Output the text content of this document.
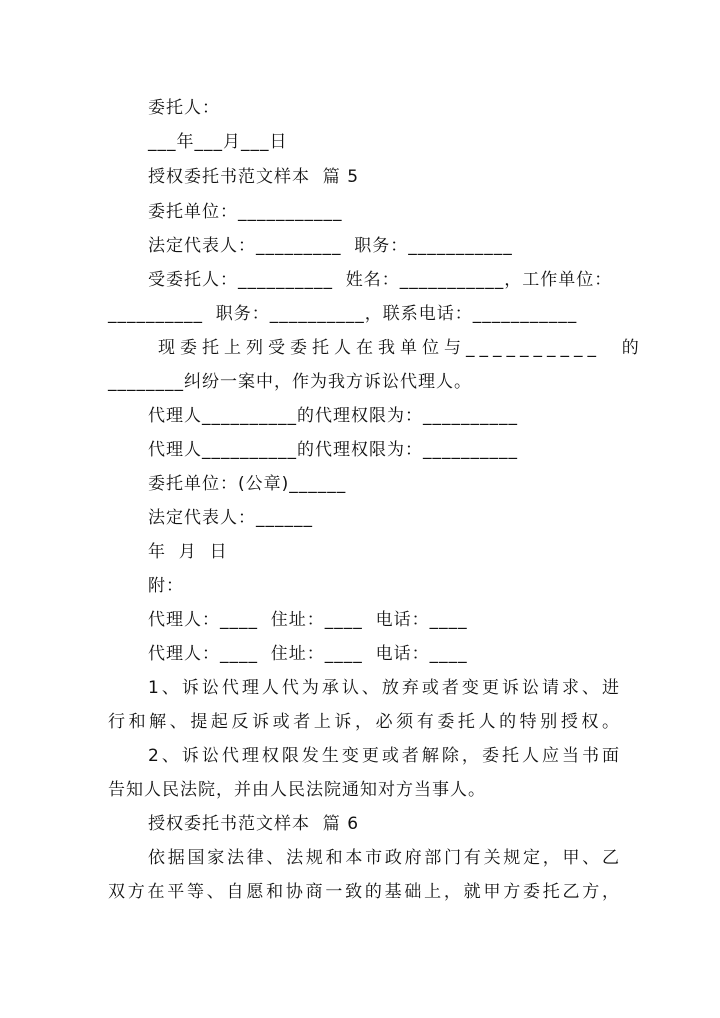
委托人：
___年___月___日
授权委托书范文样本  篇 5
委托单位：___________
法定代表人：_________  职务：___________
受委托人：__________  姓名：___________，工作单位：
__________  职务：__________，联系电话：___________
现委托上列受委托人在我单位与__________  的
________纠纷一案中，作为我方诉讼代理人。
代理人__________的代理权限为：__________
代理人__________的代理权限为：__________
委托单位：(公章)______
法定代表人：______
年  月  日
附：
代理人：____  住址：____  电话：____
代理人：____  住址：____  电话：____
1、诉讼代理人代为承认、放弃或者变更诉讼请求、进
行和解、提起反诉或者上诉，必须有委托人的特别授权。
2、诉讼代理权限发生变更或者解除，委托人应当书面
告知人民法院，并由人民法院通知对方当事人。
授权委托书范文样本  篇 6
依据国家法律、法规和本市政府部门有关规定，甲、乙
双方在平等、自愿和协商一致的基础上，就甲方委托乙方，
